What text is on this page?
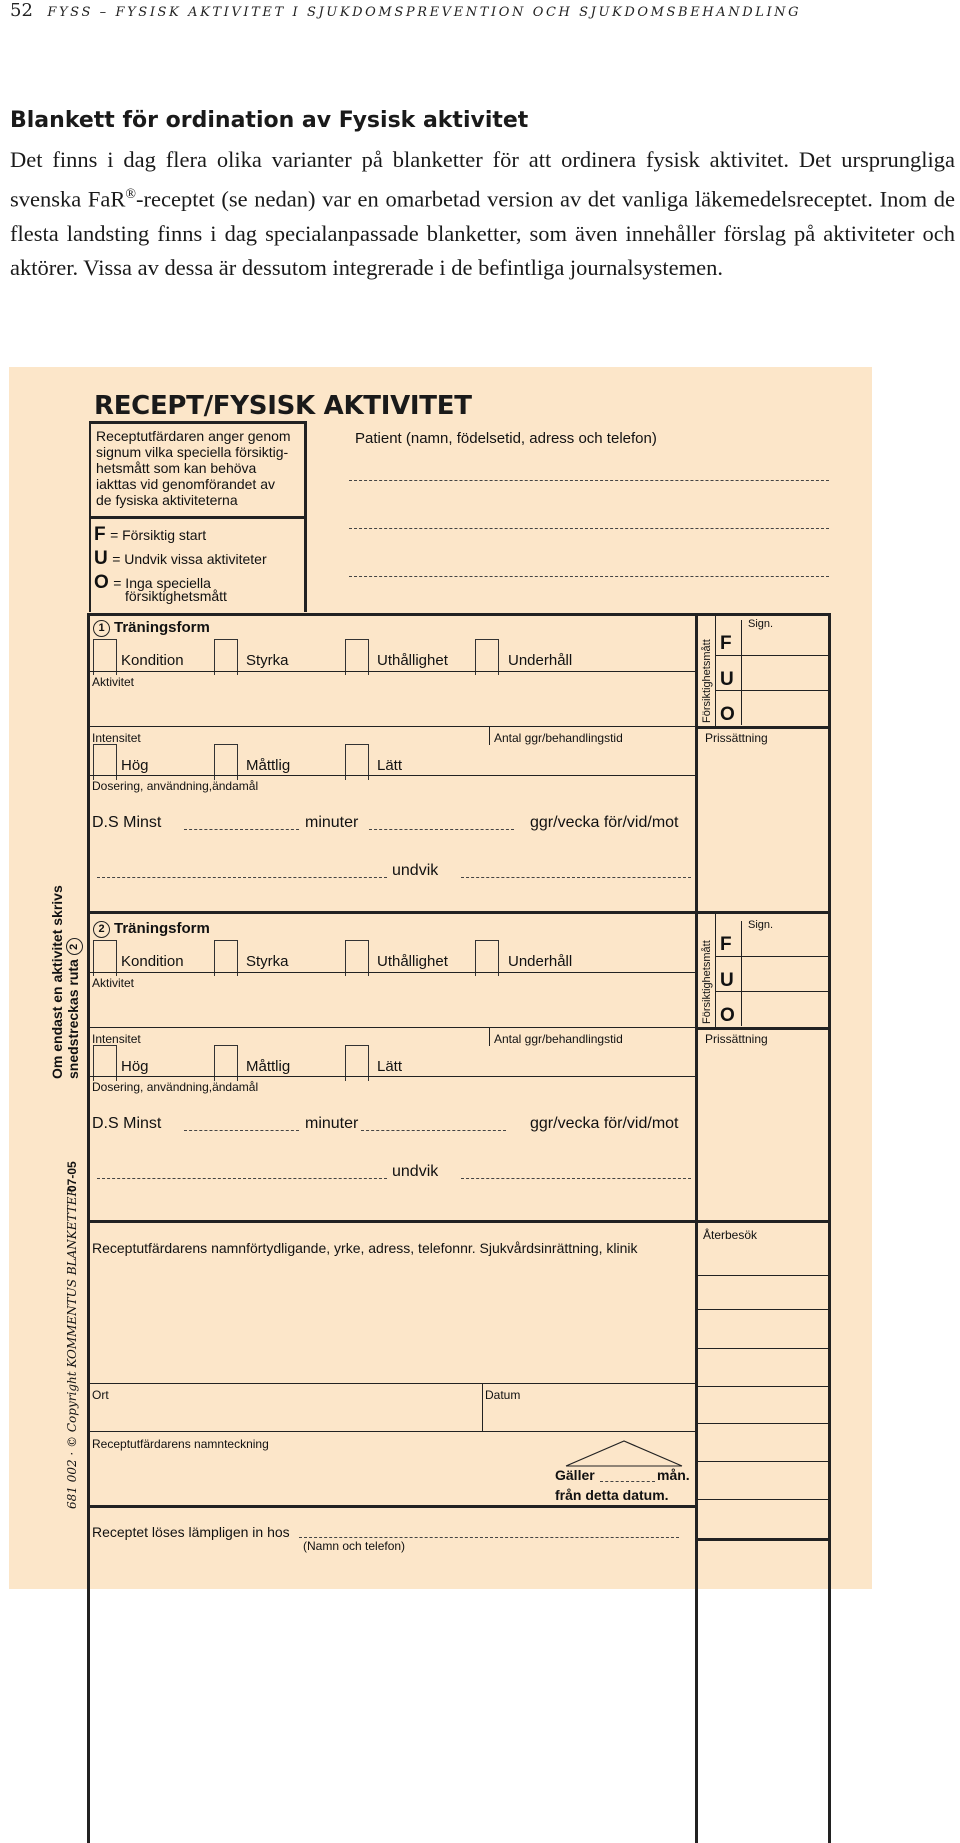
52 FYSS – FYSISK AKTIVITET I SJUKDOMSPREVENTION OCH SJUKDOMSBEHANDLING
Blankett för ordination av Fysisk aktivitet

Det finns i dag flera olika varianter på blanketter för att ordinera fysisk aktivitet. Det ursprungliga svenska FaR®-receptet (se nedan) var en omarbetad version av det vanliga läkemedelsreceptet. Inom de flesta landsting finns i dag specialanpassade blanketter, som även innehåller förslag på aktiviteter och aktörer. Vissa av dessa är dessutom integrerade i de befintliga journalsystemen.

RECEPT/FYSISK AKTIVITET
Receptutfärdaren anger genom
signum vilka speciella försiktig-
hetsmått som kan behöva
iakttas vid genomförandet av
de fysiska aktiviteterna
F = Försiktig start
U = Undvik vissa aktiviteter
O = Inga speciella
försiktighetsmått
Patient (namn, födelsetid, adress och telefon)
1 Träningsform
Kondition	Styrka	Uthållighet	Underhåll
Aktivitet
Intensitet	Antal ggr/behandlingstid
Hög	Måttlig	Lätt
Dosering, användning,ändamål
D.S Minst	minuter	ggr/vecka för/vid/mot
undvik
Försiktighetsmått
Sign.
F
U
O
Prissättning
2 Träningsform
Kondition	Styrka	Uthållighet	Underhåll
Aktivitet
Intensitet	Antal ggr/behandlingstid
Hög	Måttlig	Lätt
Dosering, användning,ändamål
D.S Minst	minuter	ggr/vecka för/vid/mot
undvik
Försiktighetsmått
Sign.
F
U
O
Prissättning
Receptutfärdarens namnförtydligande, yrke, adress, telefonnr. Sjukvårdsinrättning, klinik
Återbesök
Ort	Datum
Receptutfärdarens namnteckning
Gäller	mån.
från detta datum.
Receptet löses lämpligen in hos
(Namn och telefon)
Om endast en aktivitet skrivs snedstreckas ruta 2
681 002 · © Copyright KOMMENTUS BLANKETTER
07-05
